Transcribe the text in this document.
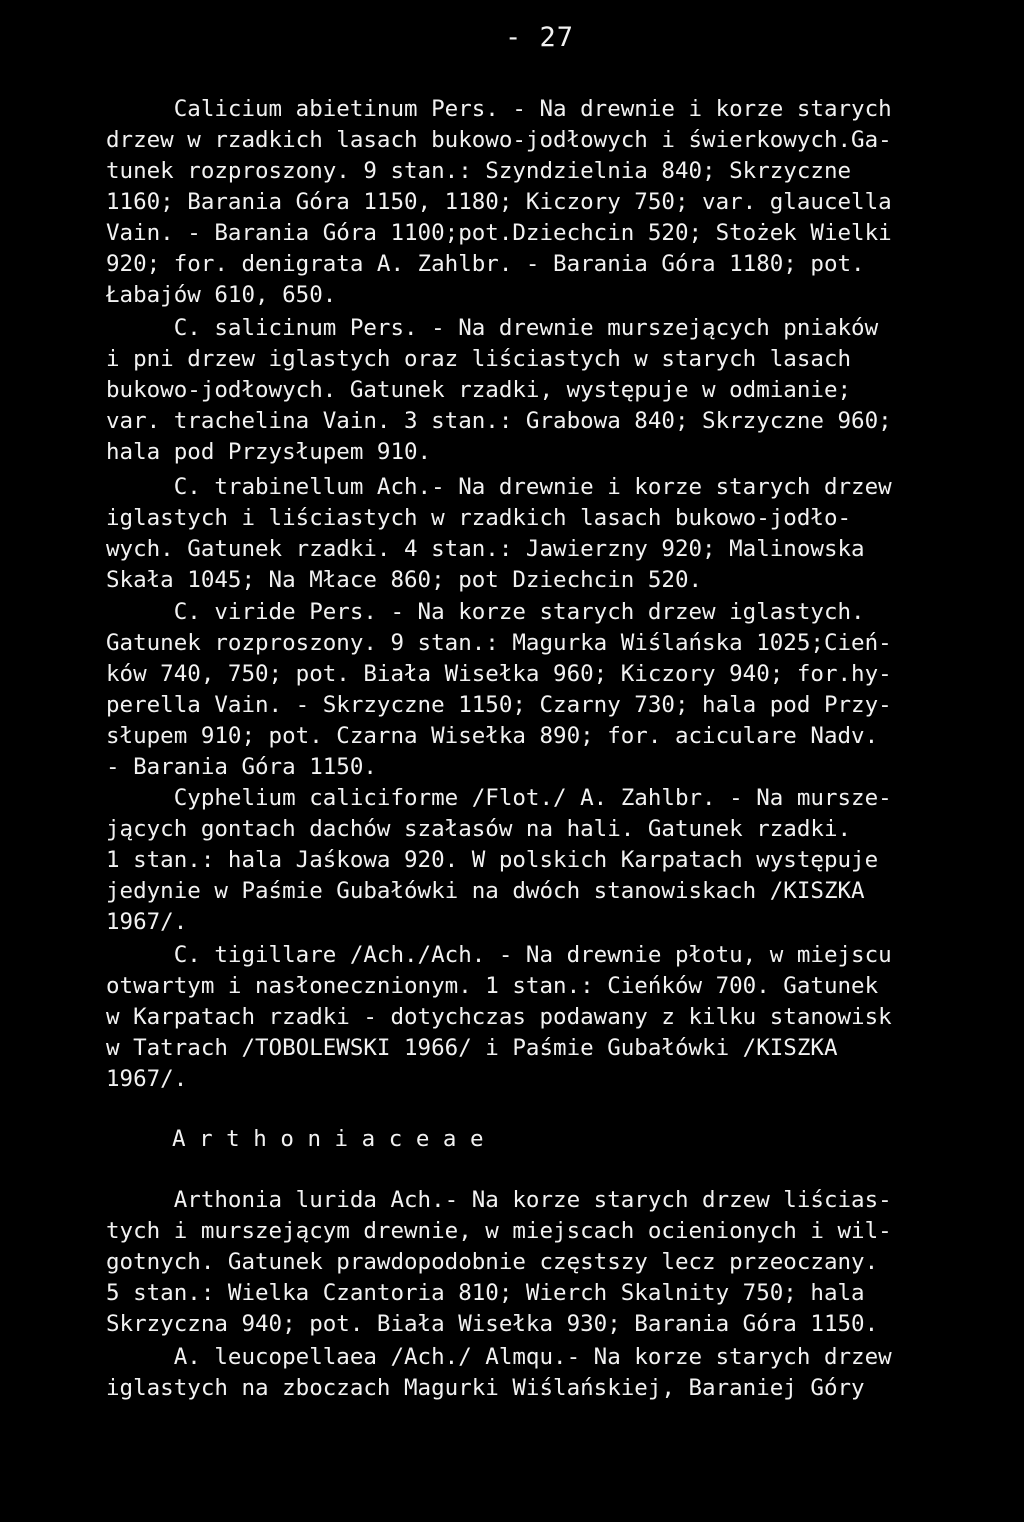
- 27
Calicium abietinum Pers. - Na drewnie i korze starych
drzew w rzadkich lasach bukowo-jodłowych i świerkowych.Ga-
tunek rozproszony. 9 stan.: Szyndzielnia 840; Skrzyczne
1160; Barania Góra 1150, 1180; Kiczory 750; var. glaucella
Vain. - Barania Góra 1100;pot.Dziechcin 520; Stożek Wielki
920; for. denigrata A. Zahlbr. - Barania Góra 1180; pot.
Łabajów 610, 650.
C. salicinum Pers. - Na drewnie murszejących pniaków
i pni drzew iglastych oraz liściastych w starych lasach
bukowo-jodłowych. Gatunek rzadki, występuje w odmianie;
var. trachelina Vain. 3 stan.: Grabowa 840; Skrzyczne 960;
hala pod Przysłupem 910.
C. trabinellum Ach.- Na drewnie i korze starych drzew
iglastych i liściastych w rzadkich lasach bukowo-jodło-
wych. Gatunek rzadki. 4 stan.: Jawierzny 920; Malinowska
Skała 1045; Na Młace 860; pot Dziechcin 520.
C. viride Pers. - Na korze starych drzew iglastych.
Gatunek rozproszony. 9 stan.: Magurka Wiślańska 1025;Cień-
ków 740, 750; pot. Biała Wisełka 960; Kiczory 940; for.hy-
perella Vain. - Skrzyczne 1150; Czarny 730; hala pod Przy-
słupem 910; pot. Czarna Wisełka 890; for. aciculare Nadv.
- Barania Góra 1150.
Cyphelium caliciforme /Flot./ A. Zahlbr. - Na mursze-
jących gontach dachów szałasów na hali. Gatunek rzadki.
1 stan.: hala Jaśkowa 920. W polskich Karpatach występuje
jedynie w Paśmie Gubałówki na dwóch stanowiskach /KISZKA
1967/.
C. tigillare /Ach./Ach. - Na drewnie płotu, w miejscu
otwartym i nasłonecznionym. 1 stan.: Cieńków 700. Gatunek
w Karpatach rzadki - dotychczas podawany z kilku stanowisk
w Tatrach /TOBOLEWSKI 1966/ i Paśmie Gubałówki /KISZKA
1967/.
A r t h o n i a c e a e
Arthonia lurida Ach.- Na korze starych drzew liścias-
tych i murszejącym drewnie, w miejscach ocienionych i wil-
gotnych. Gatunek prawdopodobnie częstszy lecz przeoczany.
5 stan.: Wielka Czantoria 810; Wierch Skalnity 750; hala
Skrzyczna 940; pot. Biała Wisełka 930; Barania Góra 1150.
A. leucopellaea /Ach./ Almqu.- Na korze starych drzew
iglastych na zboczach Magurki Wiślańskiej, Baraniej Góry
